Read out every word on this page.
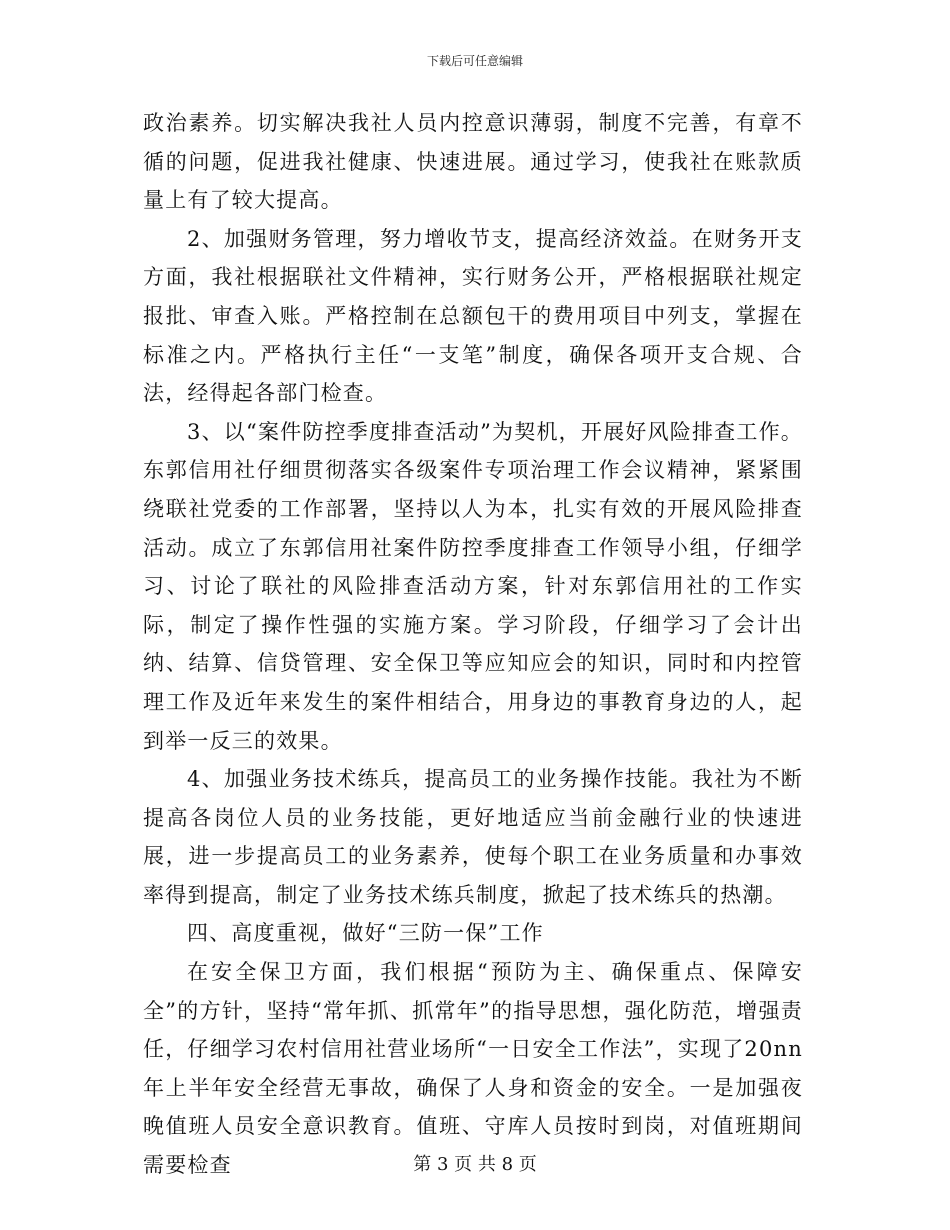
下载后可任意编辑

政治素养。切实解决我社人员内控意识薄弱，制度不完善，有章不循的问题，促进我社健康、快速进展。通过学习，使我社在账款质量上有了较大提高。

2、加强财务管理，努力增收节支，提高经济效益。在财务开支方面，我社根据联社文件精神，实行财务公开，严格根据联社规定报批、审查入账。严格控制在总额包干的费用项目中列支，掌握在标准之内。严格执行主任“一支笔”制度，确保各项开支合规、合法，经得起各部门检查。

3、以“案件防控季度排查活动”为契机，开展好风险排查工作。东郭信用社仔细贯彻落实各级案件专项治理工作会议精神，紧紧围绕联社党委的工作部署，坚持以人为本，扎实有效的开展风险排查活动。成立了东郭信用社案件防控季度排查工作领导小组，仔细学习、讨论了联社的风险排查活动方案，针对东郭信用社的工作实际，制定了操作性强的实施方案。学习阶段，仔细学习了会计出纳、结算、信贷管理、安全保卫等应知应会的知识，同时和内控管理工作及近年来发生的案件相结合，用身边的事教育身边的人，起到举一反三的效果。

4、加强业务技术练兵，提高员工的业务操作技能。我社为不断提高各岗位人员的业务技能，更好地适应当前金融行业的快速进展，进一步提高员工的业务素养，使每个职工在业务质量和办事效率得到提高，制定了业务技术练兵制度，掀起了技术练兵的热潮。

四、高度重视，做好“三防一保”工作

在安全保卫方面，我们根据“预防为主、确保重点、保障安全”的方针，坚持“常年抓、抓常年”的指导思想，强化防范，增强责任，仔细学习农村信用社营业场所“一日安全工作法”，实现了20nn年上半年安全经营无事故，确保了人身和资金的安全。一是加强夜晚值班人员安全意识教育。值班、守库人员按时到岗，对值班期间需要检查	第 3 页 共 8 页
